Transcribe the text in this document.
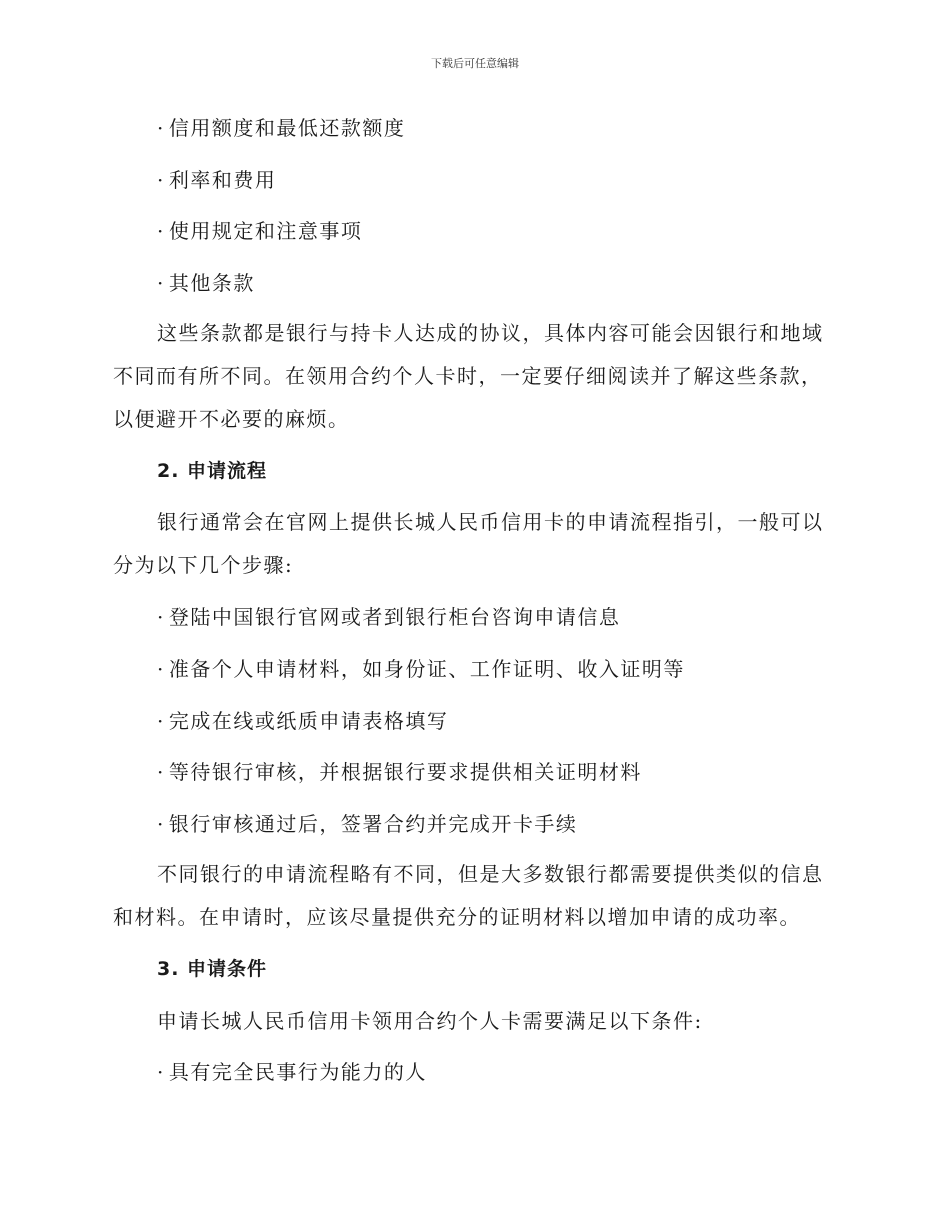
下载后可任意编辑
· 信用额度和最低还款额度
· 利率和费用
· 使用规定和注意事项
· 其他条款
这些条款都是银行与持卡人达成的协议，具体内容可能会因银行和地域
不同而有所不同。在领用合约个人卡时，一定要仔细阅读并了解这些条款，
以便避开不必要的麻烦。
2. 申请流程
银行通常会在官网上提供长城人民币信用卡的申请流程指引，一般可以
分为以下几个步骤:
· 登陆中国银行官网或者到银行柜台咨询申请信息
· 准备个人申请材料，如身份证、工作证明、收入证明等
· 完成在线或纸质申请表格填写
· 等待银行审核，并根据银行要求提供相关证明材料
· 银行审核通过后，签署合约并完成开卡手续
不同银行的申请流程略有不同，但是大多数银行都需要提供类似的信息
和材料。在申请时，应该尽量提供充分的证明材料以增加申请的成功率。
3. 申请条件
申请长城人民币信用卡领用合约个人卡需要满足以下条件:
· 具有完全民事行为能力的人
